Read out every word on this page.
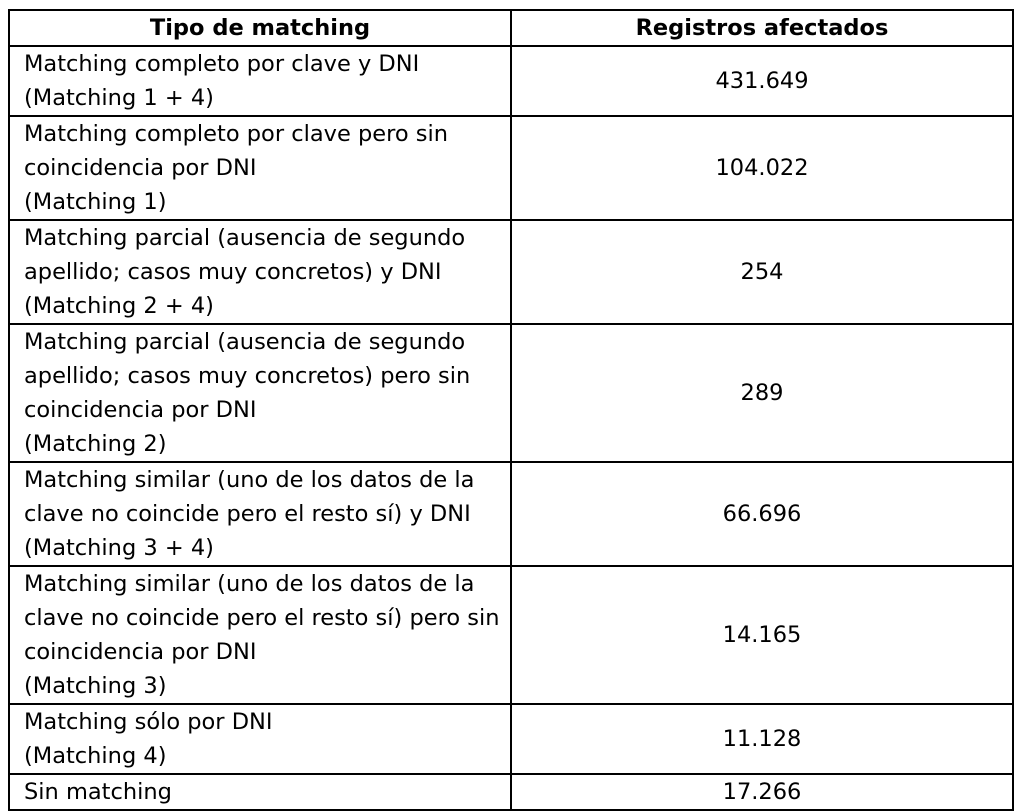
Tipo de matching	Registros afectados
Matching completo por clave y DNI
(Matching 1 + 4)	431.649
Matching completo por clave pero sin
coincidencia por DNI
(Matching 1)	104.022
Matching parcial (ausencia de segundo
apellido; casos muy concretos) y DNI
(Matching 2 + 4)	254
Matching parcial (ausencia de segundo
apellido; casos muy concretos) pero sin
coincidencia por DNI
(Matching 2)	289
Matching similar (uno de los datos de la
clave no coincide pero el resto sí) y DNI
(Matching 3 + 4)	66.696
Matching similar (uno de los datos de la
clave no coincide pero el resto sí) pero sin
coincidencia por DNI
(Matching 3)	14.165
Matching sólo por DNI
(Matching 4)	11.128
Sin matching	17.266
